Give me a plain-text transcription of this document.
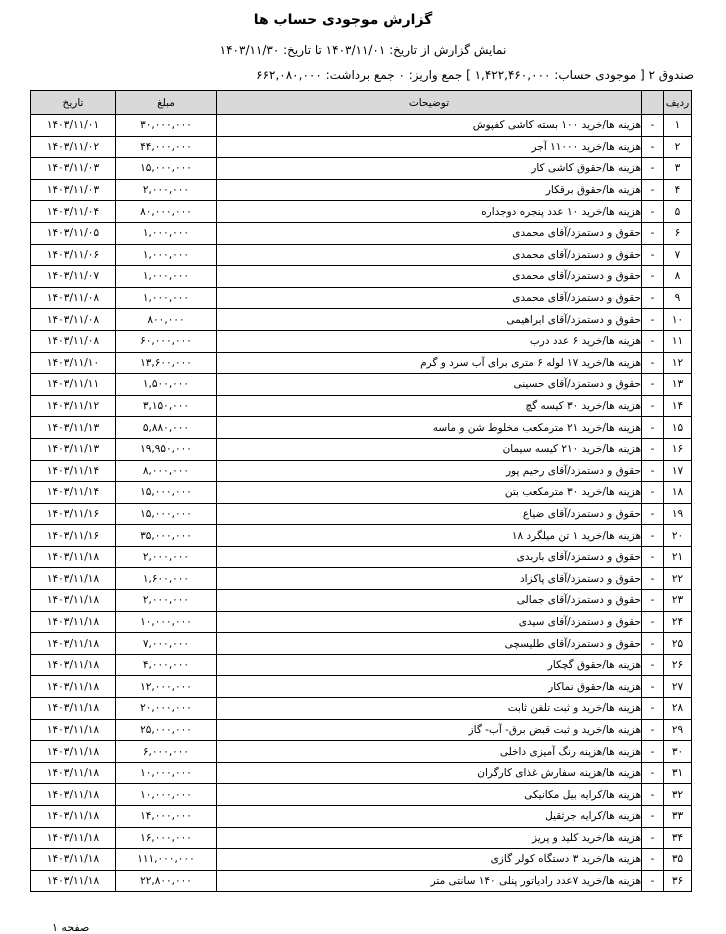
گزارش موجودی حساب ها
نمایش گزارش از تاریخ: ۱۴۰۳/۱۱/۰۱ تا تاریخ: ۱۴۰۳/۱۱/۳۰
صندوق ۲ [ موجودی حساب: ۱,۴۲۲,۴۶۰,۰۰۰ ] جمع واریز: ۰ جمع برداشت: ۶۶۲,۰۸۰,۰۰۰
ردیف		توضیحات	مبلغ	تاریخ
۱	-	هزینه ها/خرید ۱۰۰ بسته کاشی کفپوش	۳۰,۰۰۰,۰۰۰	۱۴۰۳/۱۱/۰۱
۲	-	هزینه ها/خرید ۱۱۰۰۰ آجر	۴۴,۰۰۰,۰۰۰	۱۴۰۳/۱۱/۰۲
۳	-	هزینه ها/حقوق کاشی کار	۱۵,۰۰۰,۰۰۰	۱۴۰۳/۱۱/۰۳
۴	-	هزینه ها/حقوق برقکار	۲,۰۰۰,۰۰۰	۱۴۰۳/۱۱/۰۳
۵	-	هزینه ها/خرید ۱۰ عدد پنجره دوجداره	۸۰,۰۰۰,۰۰۰	۱۴۰۳/۱۱/۰۴
۶	-	حقوق و دستمزد/آقای محمدی	۱,۰۰۰,۰۰۰	۱۴۰۳/۱۱/۰۵
۷	-	حقوق و دستمزد/آقای محمدی	۱,۰۰۰,۰۰۰	۱۴۰۳/۱۱/۰۶
۸	-	حقوق و دستمزد/آقای محمدی	۱,۰۰۰,۰۰۰	۱۴۰۳/۱۱/۰۷
۹	-	حقوق و دستمزد/آقای محمدی	۱,۰۰۰,۰۰۰	۱۴۰۳/۱۱/۰۸
۱۰	-	حقوق و دستمزد/آقای ابراهیمی	۸۰۰,۰۰۰	۱۴۰۳/۱۱/۰۸
۱۱	-	هزینه ها/خرید ۶ عدد درب	۶۰,۰۰۰,۰۰۰	۱۴۰۳/۱۱/۰۸
۱۲	-	هزینه ها/خرید ۱۷ لوله ۶ متری برای آب سرد و گرم	۱۳,۶۰۰,۰۰۰	۱۴۰۳/۱۱/۱۰
۱۳	-	حقوق و دستمزد/آقای حسینی	۱,۵۰۰,۰۰۰	۱۴۰۳/۱۱/۱۱
۱۴	-	هزینه ها/خرید ۳۰ کیسه گچ	۳,۱۵۰,۰۰۰	۱۴۰۳/۱۱/۱۲
۱۵	-	هزینه ها/خرید ۲۱ مترمکعب مخلوط شن و ماسه	۵,۸۸۰,۰۰۰	۱۴۰۳/۱۱/۱۳
۱۶	-	هزینه ها/خرید ۲۱۰ کیسه سیمان	۱۹,۹۵۰,۰۰۰	۱۴۰۳/۱۱/۱۳
۱۷	-	حقوق و دستمزد/آقای رحیم پور	۸,۰۰۰,۰۰۰	۱۴۰۳/۱۱/۱۴
۱۸	-	هزینه ها/خرید ۳۰ مترمکعب بتن	۱۵,۰۰۰,۰۰۰	۱۴۰۳/۱۱/۱۴
۱۹	-	حقوق و دستمزد/آقای ضیاع	۱۵,۰۰۰,۰۰۰	۱۴۰۳/۱۱/۱۶
۲۰	-	هزینه ها/خرید ۱ تن میلگرد ۱۸	۳۵,۰۰۰,۰۰۰	۱۴۰۳/۱۱/۱۶
۲۱	-	حقوق و دستمزد/آقای باربدی	۲,۰۰۰,۰۰۰	۱۴۰۳/۱۱/۱۸
۲۲	-	حقوق و دستمزد/آقای پاکزاد	۱,۶۰۰,۰۰۰	۱۴۰۳/۱۱/۱۸
۲۳	-	حقوق و دستمزد/آقای جمالی	۲,۰۰۰,۰۰۰	۱۴۰۳/۱۱/۱۸
۲۴	-	حقوق و دستمزد/آقای سیدی	۱۰,۰۰۰,۰۰۰	۱۴۰۳/۱۱/۱۸
۲۵	-	حقوق و دستمزد/آقای طلیسچی	۷,۰۰۰,۰۰۰	۱۴۰۳/۱۱/۱۸
۲۶	-	هزینه ها/حقوق گچکار	۴,۰۰۰,۰۰۰	۱۴۰۳/۱۱/۱۸
۲۷	-	هزینه ها/حقوق نماکار	۱۲,۰۰۰,۰۰۰	۱۴۰۳/۱۱/۱۸
۲۸	-	هزینه ها/خرید و ثبت تلفن ثابت	۲۰,۰۰۰,۰۰۰	۱۴۰۳/۱۱/۱۸
۲۹	-	هزینه ها/خرید و ثبت قبض برق- آب- گاز	۲۵,۰۰۰,۰۰۰	۱۴۰۳/۱۱/۱۸
۳۰	-	هزینه ها/هزینه رنگ آمیزی داخلی	۶,۰۰۰,۰۰۰	۱۴۰۳/۱۱/۱۸
۳۱	-	هزینه ها/هزینه سفارش غذای کارگران	۱۰,۰۰۰,۰۰۰	۱۴۰۳/۱۱/۱۸
۳۲	-	هزینه ها/کرایه بیل مکانیکی	۱۰,۰۰۰,۰۰۰	۱۴۰۳/۱۱/۱۸
۳۳	-	هزینه ها/کرایه جرثقیل	۱۴,۰۰۰,۰۰۰	۱۴۰۳/۱۱/۱۸
۳۴	-	هزینه ها/خرید کلید و پریز	۱۶,۰۰۰,۰۰۰	۱۴۰۳/۱۱/۱۸
۳۵	-	هزینه ها/خرید ۳ دستگاه کولر گازی	۱۱۱,۰۰۰,۰۰۰	۱۴۰۳/۱۱/۱۸
۳۶	-	هزینه ها/خرید ۷عدد رادیاتور پنلی ۱۴۰ سانتی متر	۲۲,۸۰۰,۰۰۰	۱۴۰۳/۱۱/۱۸
صفحه ۱
